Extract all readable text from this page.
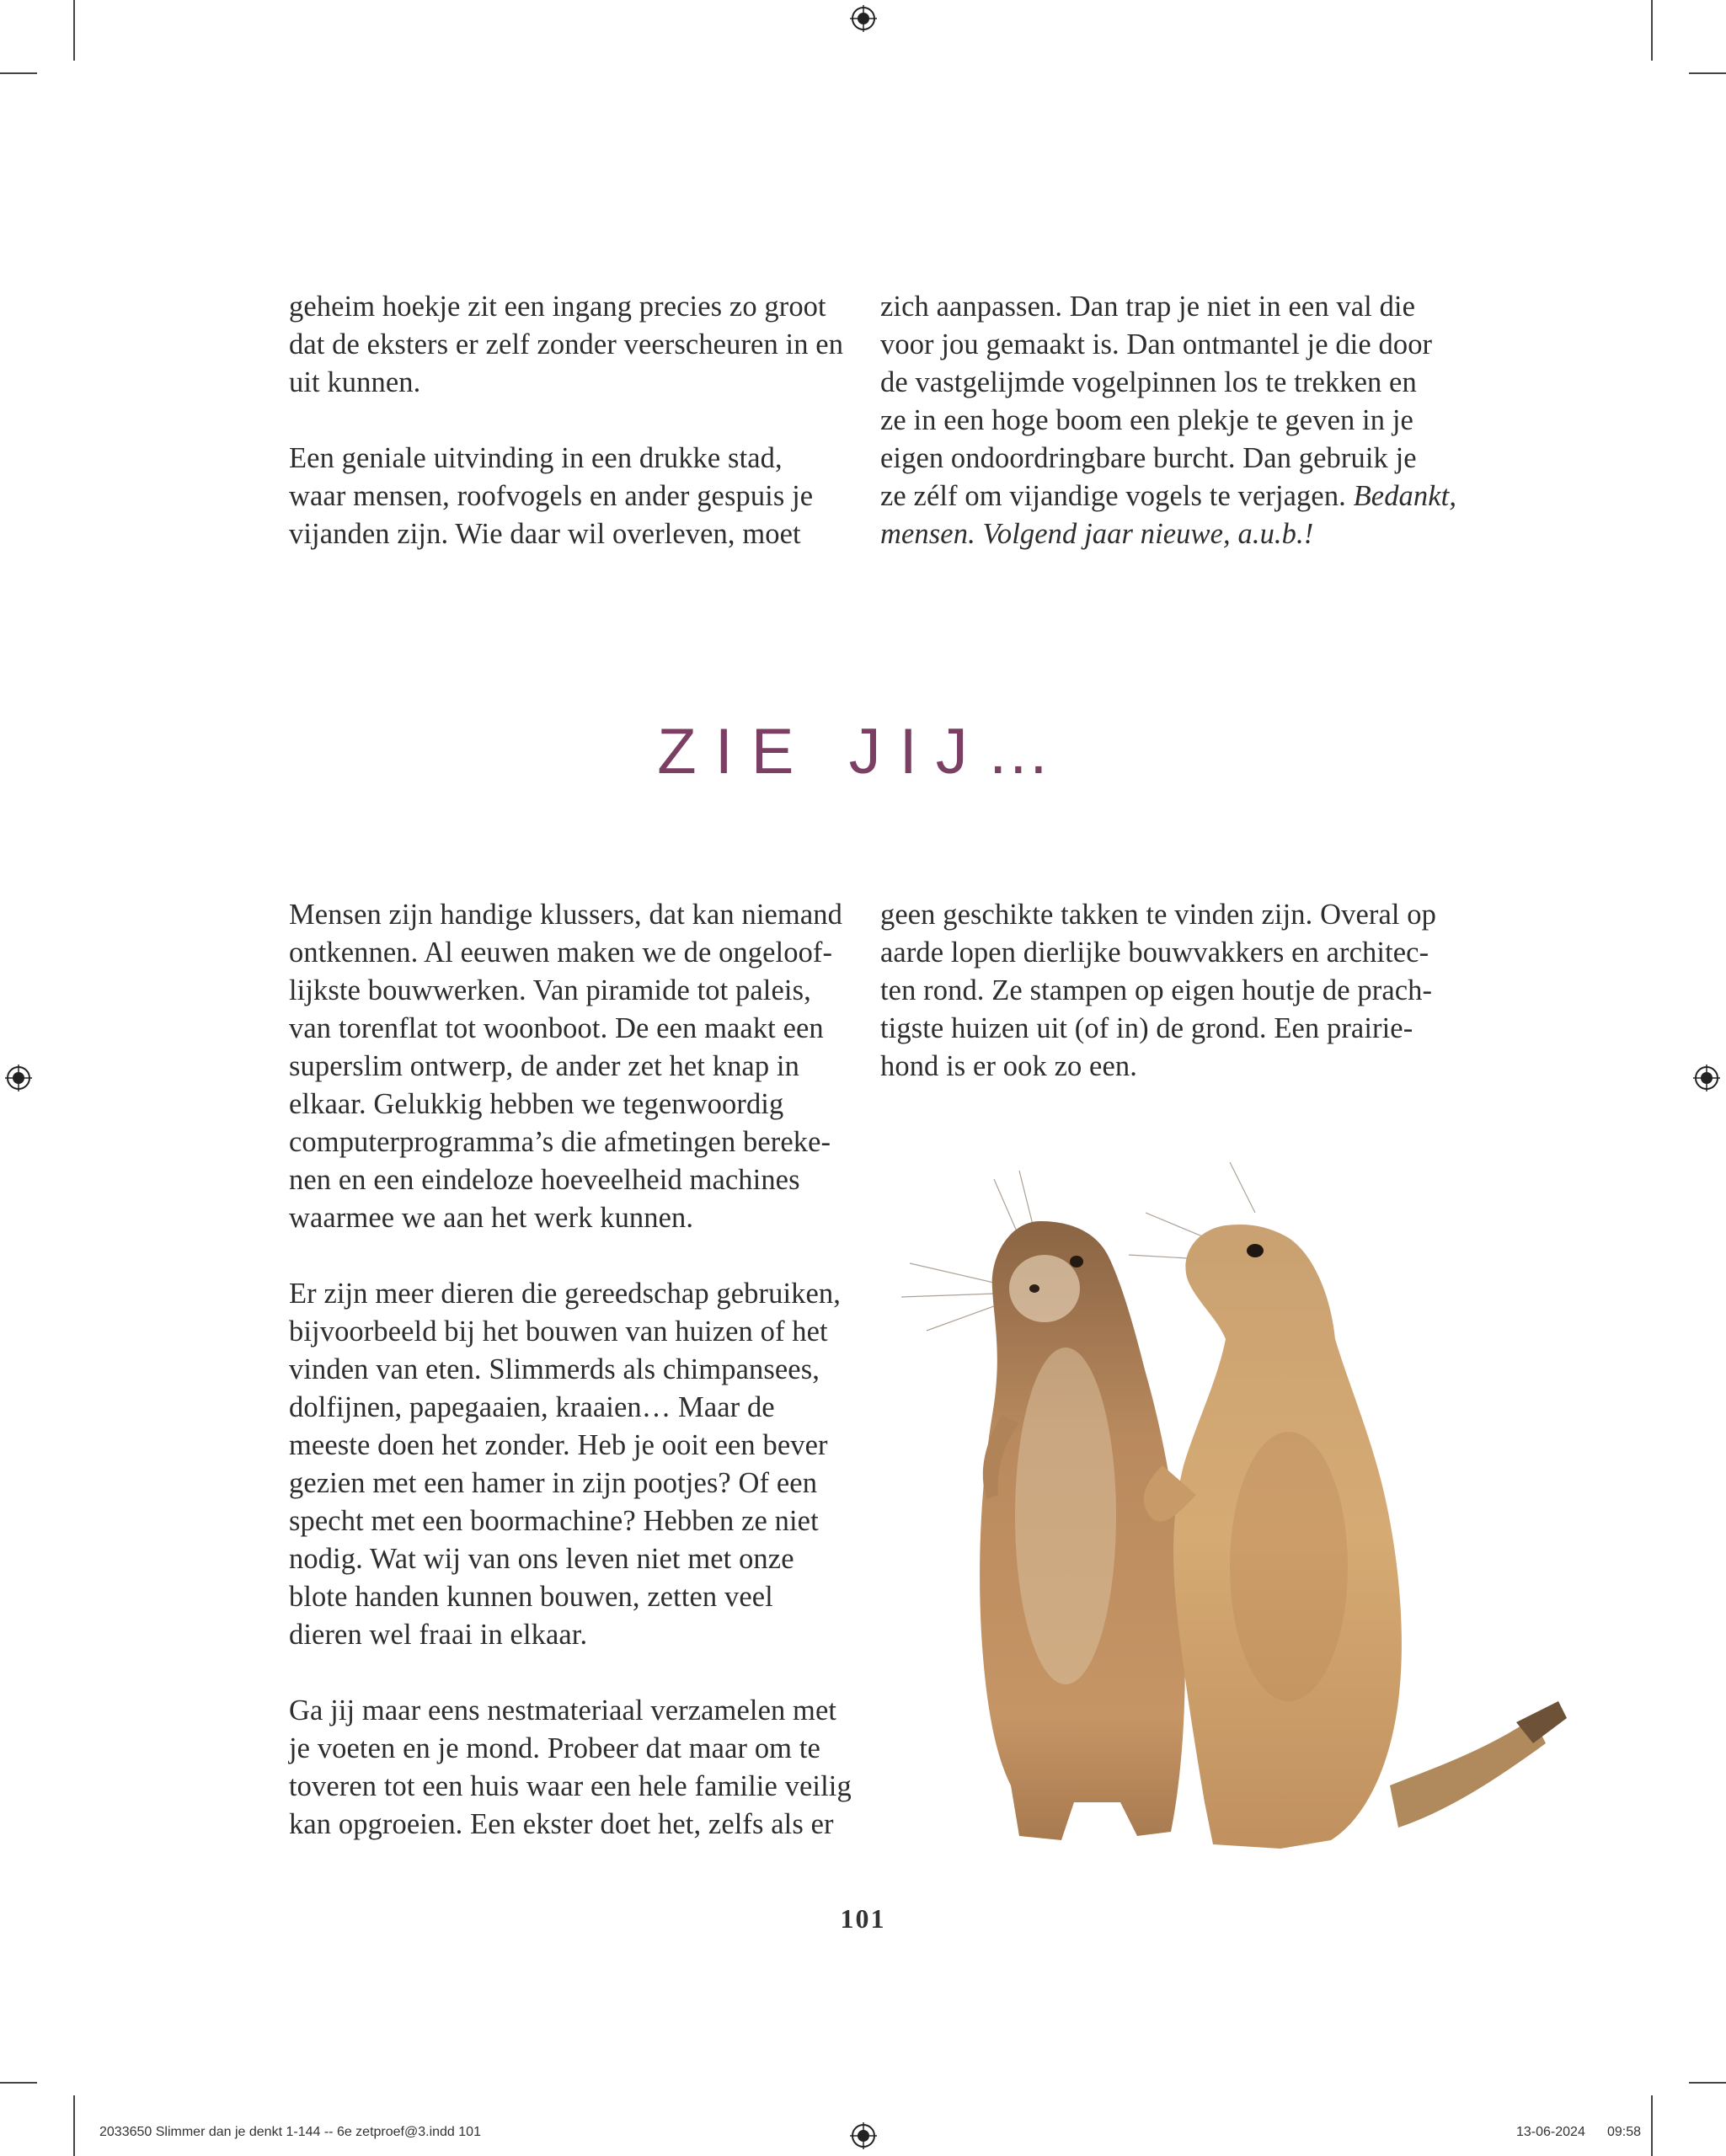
geheim hoekje zit een ingang precies zo groot
dat de eksters er zelf zonder veerscheuren in en
uit kunnen.

Een geniale uitvinding in een drukke stad,
waar mensen, roofvogels en ander gespuis je
vijanden zijn. Wie daar wil overleven, moet

zich aanpassen. Dan trap je niet in een val die
voor jou gemaakt is. Dan ontmantel je die door
de vastgelijmde vogelpinnen los te trekken en
ze in een hoge boom een plekje te geven in je
eigen ondoordringbare burcht. Dan gebruik je
ze zélf om vijandige vogels te verjagen. Bedankt,
mensen. Volgend jaar nieuwe, a.u.b.!

ZIE JIJ…

Mensen zijn handige klussers, dat kan niemand
ontkennen. Al eeuwen maken we de ongeloof-
lijkste bouwwerken. Van piramide tot paleis,
van torenflat tot woonboot. De een maakt een
superslim ontwerp, de ander zet het knap in
elkaar. Gelukkig hebben we tegenwoordig
computerprogramma’s die afmetingen bereke-
nen en een eindeloze hoeveelheid machines
waarmee we aan het werk kunnen.

Er zijn meer dieren die gereedschap gebruiken,
bijvoorbeeld bij het bouwen van huizen of het
vinden van eten. Slimmerds als chimpansees,
dolfijnen, papegaaien, kraaien… Maar de
meeste doen het zonder. Heb je ooit een bever
gezien met een hamer in zijn pootjes? Of een
specht met een boormachine? Hebben ze niet
nodig. Wat wij van ons leven niet met onze
blote handen kunnen bouwen, zetten veel
dieren wel fraai in elkaar.

Ga jij maar eens nestmateriaal verzamelen met
je voeten en je mond. Probeer dat maar om te
toveren tot een huis waar een hele familie veilig
kan opgroeien. Een ekster doet het, zelfs als er

geen geschikte takken te vinden zijn. Overal op
aarde lopen dierlijke bouwvakkers en architec-
ten rond. Ze stampen op eigen houtje de prach-
tigste huizen uit (of in) de grond. Een prairie-
hond is er ook zo een.

101
2033650 Slimmer dan je denkt 1-144 -- 6e zetproef@3.indd 101	13-06-2024 09:58
